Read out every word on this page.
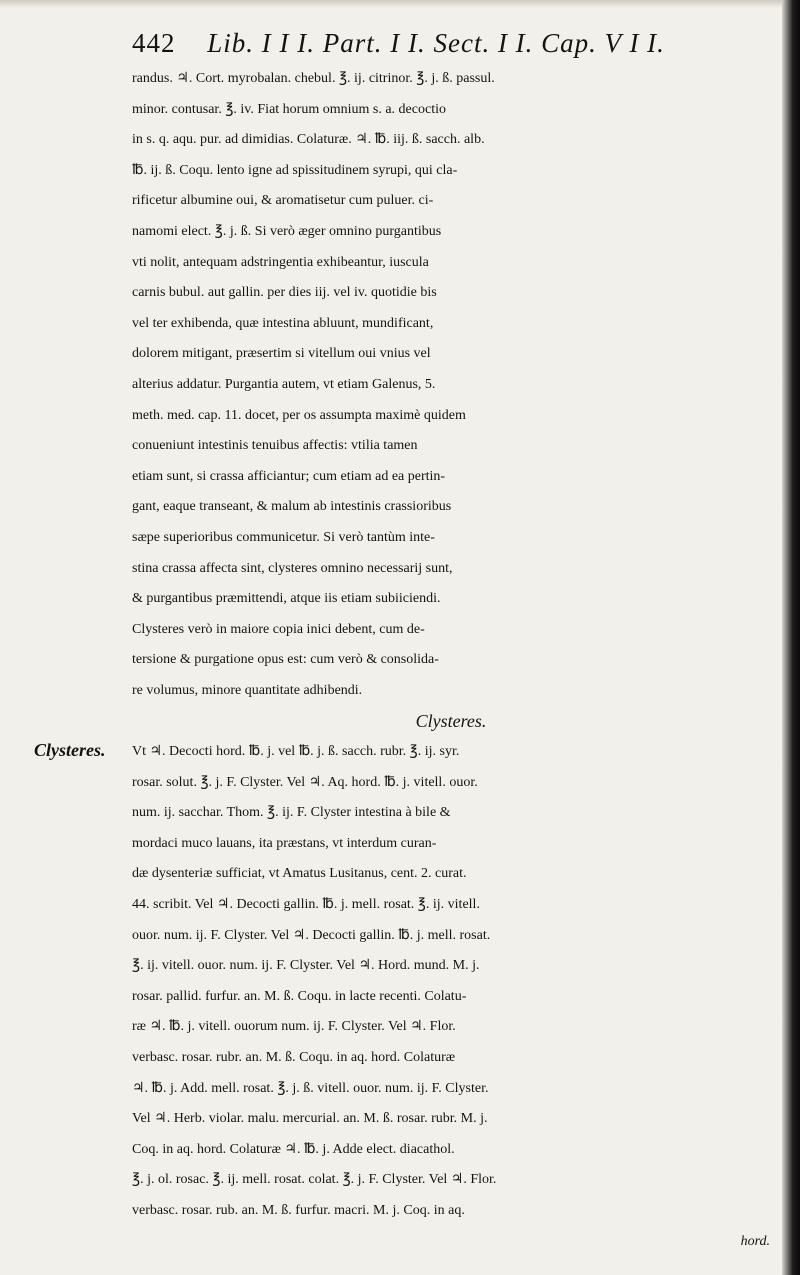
442 Lib. I I I. Part. I I. Sect. I I. Cap. V I I.
Clysteres.
randus. ♃. Cort. myrobalan. chebul. ℥. ij. citrinor. ℥. j. ß. passul.
minor. contusar. ℥. iv. Fiat horum omnium s. a. decoctio
in s. q. aqu. pur. ad dimidias. Colaturæ. ♃. ℔. iij. ß. sacch. alb.
℔. ij. ß. Coqu. lento igne ad spissitudinem syrupi, qui cla-
rificetur albumine oui, & aromatisetur cum puluer. ci-
namomi elect. ℥. j. ß. Si verò æger omnino purgantibus
vti nolit, antequam adstringentia exhibeantur, iuscula
carnis bubul. aut gallin. per dies iij. vel iv. quotidie bis
vel ter exhibenda, quæ intestina abluunt, mundificant,
dolorem mitigant, præsertim si vitellum oui vnius vel
alterius addatur. Purgantia autem, vt etiam Galenus, 5.
meth. med. cap. 11. docet, per os assumpta maximè quidem
conueniunt intestinis tenuibus affectis: vtilia tamen
etiam sunt, si crassa afficiantur; cum etiam ad ea pertin-
gant, eaque transeant, & malum ab intestinis crassioribus
sæpe superioribus communicetur. Si verò tantùm inte-
stina crassa affecta sint, clysteres omnino necessarij sunt,
& purgantibus præmittendi, atque iis etiam subiiciendi.
Clysteres verò in maiore copia inici debent, cum de-
tersione & purgatione opus est: cum verò & consolida-
re volumus, minore quantitate adhibendi.
Clysteres.
Vt ♃. Decocti hord. ℔. j. vel ℔. j. ß. sacch. rubr. ℥. ij. syr.
rosar. solut. ℥. j. F. Clyster. Vel ♃. Aq. hord. ℔. j. vitell. ouor.
num. ij. sacchar. Thom. ℥. ij. F. Clyster intestina à bile &
mordaci muco lauans, ita præstans, vt interdum curan-
dæ dysenteriæ sufficiat, vt Amatus Lusitanus, cent. 2. curat.
44. scribit. Vel ♃. Decocti gallin. ℔. j. mell. rosat. ℥. ij. vitell.
ouor. num. ij. F. Clyster. Vel ♃. Decocti gallin. ℔. j. mell. rosat.
℥. ij. vitell. ouor. num. ij. F. Clyster. Vel ♃. Hord. mund. M. j.
rosar. pallid. furfur. an. M. ß. Coqu. in lacte recenti. Colatu-
ræ ♃. ℔. j. vitell. ouorum num. ij. F. Clyster. Vel ♃. Flor.
verbasc. rosar. rubr. an. M. ß. Coqu. in aq. hord. Colaturæ
♃. ℔. j. Add. mell. rosat. ℥. j. ß. vitell. ouor. num. ij. F. Clyster.
Vel ♃. Herb. violar. malu. mercurial. an. M. ß. rosar. rubr. M. j.
Coq. in aq. hord. Colaturæ ♃. ℔. j. Adde elect. diacathol.
℥. j. ol. rosac. ℥. ij. mell. rosat. colat. ℥. j. F. Clyster. Vel ♃. Flor.
verbasc. rosar. rub. an. M. ß. furfur. macri. M. j. Coq. in aq.
hord.
